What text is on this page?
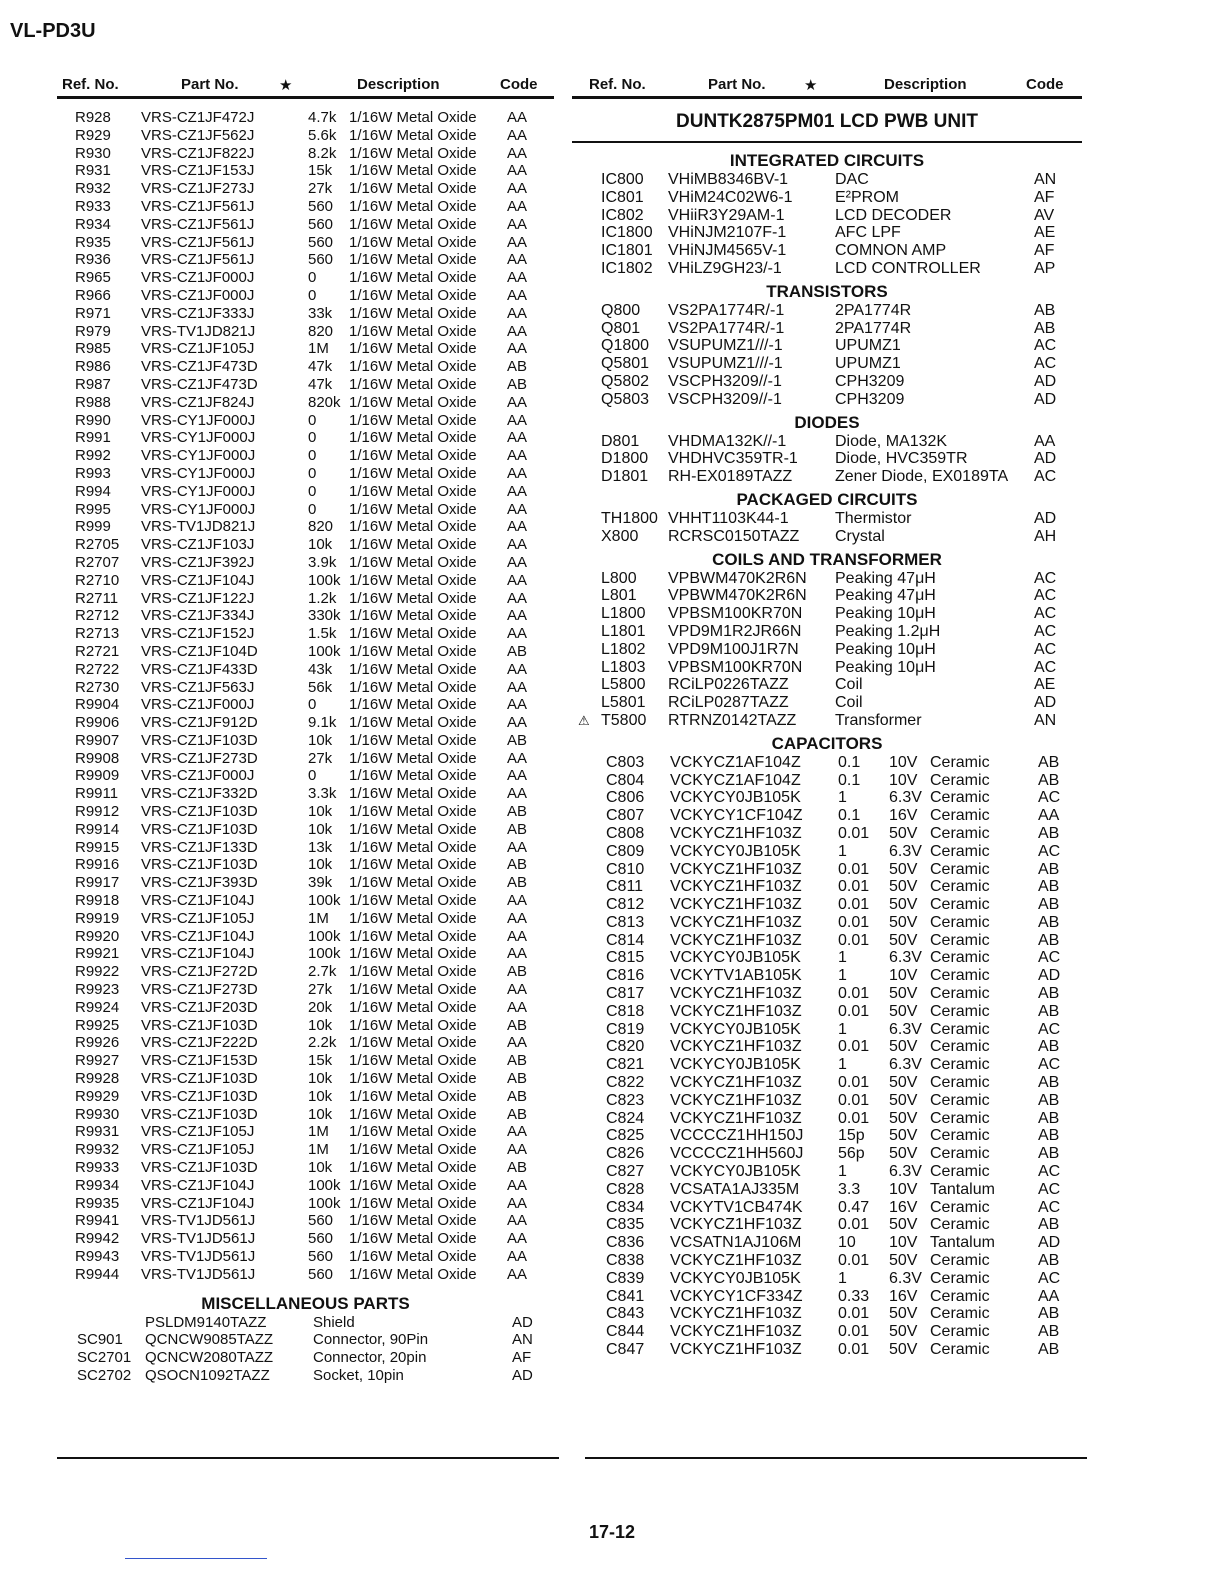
VL-PD3U
Ref. No.	Part No.	★	Description	Code
R928 VRS-CZ1JF472J	4.7k 1/16W Metal Oxide AA
R929 VRS-CZ1JF562J	5.6k 1/16W Metal Oxide AA
R930 VRS-CZ1JF822J	8.2k 1/16W Metal Oxide AA
R931 VRS-CZ1JF153J	15k 1/16W Metal Oxide AA
R932 VRS-CZ1JF273J	27k 1/16W Metal Oxide AA
R933 VRS-CZ1JF561J	560 1/16W Metal Oxide AA
R934 VRS-CZ1JF561J	560 1/16W Metal Oxide AA
R935 VRS-CZ1JF561J	560 1/16W Metal Oxide AA
R936 VRS-CZ1JF561J	560 1/16W Metal Oxide AA
R965 VRS-CZ1JF000J	0 1/16W Metal Oxide AA
R966 VRS-CZ1JF000J	0 1/16W Metal Oxide AA
R971 VRS-CZ1JF333J	33k 1/16W Metal Oxide AA
R979 VRS-TV1JD821J	820 1/16W Metal Oxide AA
R985 VRS-CZ1JF105J	1M 1/16W Metal Oxide AA
R986 VRS-CZ1JF473D	47k 1/16W Metal Oxide AB
R987 VRS-CZ1JF473D	47k 1/16W Metal Oxide AB
R988 VRS-CZ1JF824J	820k 1/16W Metal Oxide AA
R990 VRS-CY1JF000J	0 1/16W Metal Oxide AA
R991 VRS-CY1JF000J	0 1/16W Metal Oxide AA
R992 VRS-CY1JF000J	0 1/16W Metal Oxide AA
R993 VRS-CY1JF000J	0 1/16W Metal Oxide AA
R994 VRS-CY1JF000J	0 1/16W Metal Oxide AA
R995 VRS-CY1JF000J	0 1/16W Metal Oxide AA
R999 VRS-TV1JD821J	820 1/16W Metal Oxide AA
R2705 VRS-CZ1JF103J	10k 1/16W Metal Oxide AA
R2707 VRS-CZ1JF392J	3.9k 1/16W Metal Oxide AA
R2710 VRS-CZ1JF104J	100k 1/16W Metal Oxide AA
R2711 VRS-CZ1JF122J	1.2k 1/16W Metal Oxide AA
R2712 VRS-CZ1JF334J	330k 1/16W Metal Oxide AA
R2713 VRS-CZ1JF152J	1.5k 1/16W Metal Oxide AA
R2721 VRS-CZ1JF104D	100k 1/16W Metal Oxide AB
R2722 VRS-CZ1JF433D	43k 1/16W Metal Oxide AA
R2730 VRS-CZ1JF563J	56k 1/16W Metal Oxide AA
R9904 VRS-CZ1JF000J	0 1/16W Metal Oxide AA
R9906 VRS-CZ1JF912D	9.1k 1/16W Metal Oxide AA
R9907 VRS-CZ1JF103D	10k 1/16W Metal Oxide AB
R9908 VRS-CZ1JF273D	27k 1/16W Metal Oxide AA
R9909 VRS-CZ1JF000J	0 1/16W Metal Oxide AA
R9911 VRS-CZ1JF332D	3.3k 1/16W Metal Oxide AA
R9912 VRS-CZ1JF103D	10k 1/16W Metal Oxide AB
R9914 VRS-CZ1JF103D	10k 1/16W Metal Oxide AB
R9915 VRS-CZ1JF133D	13k 1/16W Metal Oxide AA
R9916 VRS-CZ1JF103D	10k 1/16W Metal Oxide AB
R9917 VRS-CZ1JF393D	39k 1/16W Metal Oxide AB
R9918 VRS-CZ1JF104J	100k 1/16W Metal Oxide AA
R9919 VRS-CZ1JF105J	1M 1/16W Metal Oxide AA
R9920 VRS-CZ1JF104J	100k 1/16W Metal Oxide AA
R9921 VRS-CZ1JF104J	100k 1/16W Metal Oxide AA
R9922 VRS-CZ1JF272D	2.7k 1/16W Metal Oxide AB
R9923 VRS-CZ1JF273D	27k 1/16W Metal Oxide AA
R9924 VRS-CZ1JF203D	20k 1/16W Metal Oxide AA
R9925 VRS-CZ1JF103D	10k 1/16W Metal Oxide AB
R9926 VRS-CZ1JF222D	2.2k 1/16W Metal Oxide AA
R9927 VRS-CZ1JF153D	15k 1/16W Metal Oxide AB
R9928 VRS-CZ1JF103D	10k 1/16W Metal Oxide AB
R9929 VRS-CZ1JF103D	10k 1/16W Metal Oxide AB
R9930 VRS-CZ1JF103D	10k 1/16W Metal Oxide AB
R9931 VRS-CZ1JF105J	1M 1/16W Metal Oxide AA
R9932 VRS-CZ1JF105J	1M 1/16W Metal Oxide AA
R9933 VRS-CZ1JF103D	10k 1/16W Metal Oxide AB
R9934 VRS-CZ1JF104J	100k 1/16W Metal Oxide AA
R9935 VRS-CZ1JF104J	100k 1/16W Metal Oxide AA
R9941 VRS-TV1JD561J	560 1/16W Metal Oxide AA
R9942 VRS-TV1JD561J	560 1/16W Metal Oxide AA
R9943 VRS-TV1JD561J	560 1/16W Metal Oxide AA
R9944 VRS-TV1JD561J	560 1/16W Metal Oxide AA
MISCELLANEOUS PARTS
PSLDM9140TAZZ	Shield	AD
SC901 QCNCW9085TAZZ	Connector, 90Pin	AN
SC2701 QCNCW2080TAZZ	Connector, 20pin	AF
SC2702 QSOCN1092TAZZ	Socket, 10pin	AD
Ref. No.	Part No.	★	Description	Code
DUNTK2875PM01 LCD PWB UNIT
INTEGRATED CIRCUITS
IC800 VHiMB8346BV-1	DAC	AN
IC801 VHiM24C02W6-1	E²PROM	AF
IC802 VHiiR3Y29AM-1	LCD DECODER	AV
IC1800 VHiNJM2107F-1	AFC LPF	AE
IC1801 VHiNJM4565V-1	COMNON AMP	AF
IC1802 VHiLZ9GH23/-1	LCD CONTROLLER	AP
TRANSISTORS
Q800 VS2PA1774R/-1	2PA1774R	AB
Q801 VS2PA1774R/-1	2PA1774R	AB
Q1800 VSUPUMZ1///-1	UPUMZ1	AC
Q5801 VSUPUMZ1///-1	UPUMZ1	AC
Q5802 VSCPH3209//-1	CPH3209	AD
Q5803 VSCPH3209//-1	CPH3209	AD
DIODES
D801 VHDMA132K//-1	Diode, MA132K	AA
D1800 VHDHVC359TR-1 Diode, HVC359TR	AD
D1801 RH-EX0189TAZZ	Zener Diode, EX0189TA AC
PACKAGED CIRCUITS
TH1800 VHHT1103K44-1	Thermistor	AD
X800 RCRSC0150TAZZ Crystal	AH
COILS AND TRANSFORMER
L800 VPBWM470K2R6N Peaking 47μH	AC
L801 VPBWM470K2R6N Peaking 47μH	AC
L1800 VPBSM100KR70N Peaking 10μH	AC
L1801 VPD9M1R2JR66N Peaking 1.2μH	AC
L1802 VPD9M100J1R7N Peaking 10μH	AC
L1803 VPBSM100KR70N Peaking 10μH	AC
L5800 RCiLP0226TAZZ	Coil	AE
L5801 RCiLP0287TAZZ	Coil	AD
T5800 RTRNZ0142TAZZ Transformer	AN
⚠
CAPACITORS
C803 VCKYCZ1AF104Z 0.1 10V Ceramic	AB
C804 VCKYCZ1AF104Z 0.1 10V Ceramic	AB
C806 VCKYCY0JB105K 1	6.3V Ceramic	AC
C807 VCKYCY1CF104Z 0.1 16V Ceramic	AA
C808 VCKYCZ1HF103Z 0.01 50V Ceramic	AB
C809 VCKYCY0JB105K 1	6.3V Ceramic	AC
C810 VCKYCZ1HF103Z 0.01 50V Ceramic	AB
C811 VCKYCZ1HF103Z 0.01 50V Ceramic	AB
C812 VCKYCZ1HF103Z 0.01 50V Ceramic	AB
C813 VCKYCZ1HF103Z 0.01 50V Ceramic	AB
C814 VCKYCZ1HF103Z 0.01 50V Ceramic	AB
C815 VCKYCY0JB105K 1	6.3V Ceramic	AC
C816 VCKYTV1AB105K 1	10V Ceramic	AD
C817 VCKYCZ1HF103Z 0.01 50V Ceramic	AB
C818 VCKYCZ1HF103Z 0.01 50V Ceramic	AB
C819 VCKYCY0JB105K 1	6.3V Ceramic	AC
C820 VCKYCZ1HF103Z 0.01 50V Ceramic	AB
C821 VCKYCY0JB105K 1	6.3V Ceramic	AC
C822 VCKYCZ1HF103Z 0.01 50V Ceramic	AB
C823 VCKYCZ1HF103Z 0.01 50V Ceramic	AB
C824 VCKYCZ1HF103Z 0.01 50V Ceramic	AB
C825 VCCCCZ1HH150J 15p 50V Ceramic	AB
C826 VCCCCZ1HH560J 56p 50V Ceramic	AB
C827 VCKYCY0JB105K 1	6.3V Ceramic	AC
C828 VCSATA1AJ335M 3.3 10V Tantalum	AC
C834 VCKYTV1CB474K 0.47 16V Ceramic	AC
C835 VCKYCZ1HF103Z 0.01 50V Ceramic	AB
C836 VCSATN1AJ106M 10 10V Tantalum	AD
C838 VCKYCZ1HF103Z 0.01 50V Ceramic	AB
C839 VCKYCY0JB105K 1	6.3V Ceramic	AC
C841 VCKYCY1CF334Z 0.33 16V Ceramic	AA
C843 VCKYCZ1HF103Z 0.01 50V Ceramic	AB
C844 VCKYCZ1HF103Z 0.01 50V Ceramic	AB
C847 VCKYCZ1HF103Z 0.01 50V Ceramic	AB
17-12
